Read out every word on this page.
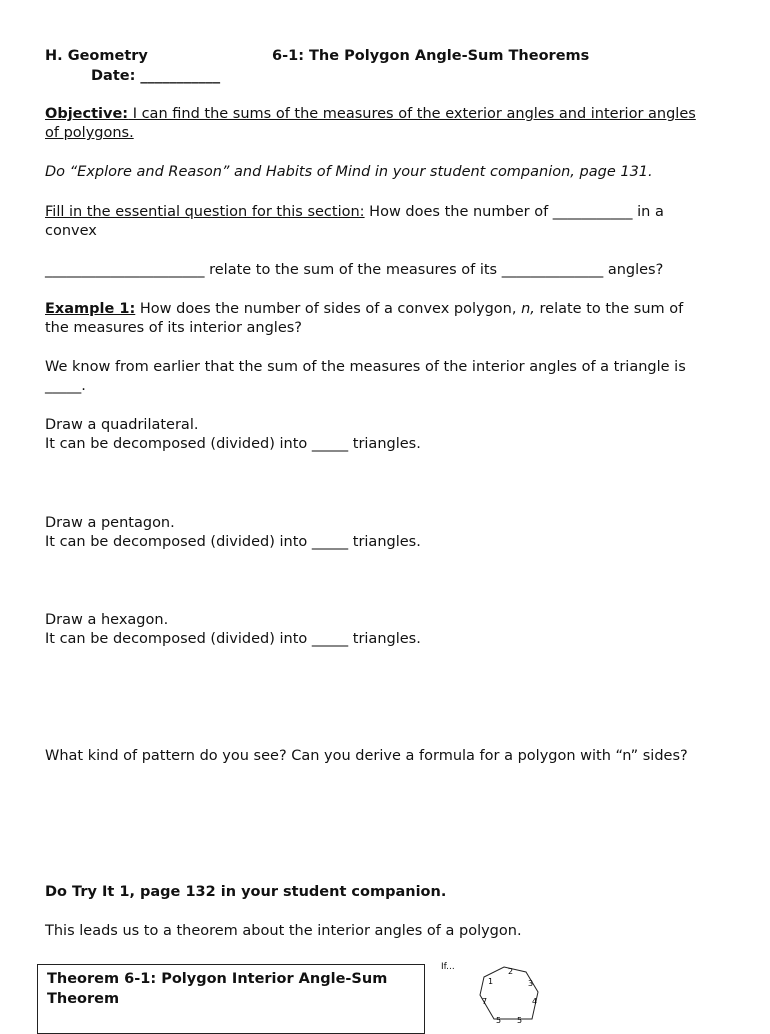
H. Geometry	6-1: The Polygon Angle-Sum Theorems
Date: ___________
Objective: I can find the sums of the measures of the exterior angles and interior angles
of polygons.
Do “Explore and Reason” and Habits of Mind in your student companion, page 131.
Fill in the essential question for this section: How does the number of ___________ in a
convex
______________________ relate to the sum of the measures of its ______________ angles?
Example 1: How does the number of sides of a convex polygon, n, relate to the sum of
the measures of its interior angles?
We know from earlier that the sum of the measures of the interior angles of a triangle is
_____.
Draw a quadrilateral.
It can be decomposed (divided) into _____ triangles.
Draw a pentagon.
It can be decomposed (divided) into _____ triangles.
Draw a hexagon.
It can be decomposed (divided) into _____ triangles.
What kind of pattern do you see? Can you derive a formula for a polygon with “n” sides?
Do Try It 1, page 132 in your student companion.
This leads us to a theorem about the interior angles of a polygon.
Theorem 6-1: Polygon Interior Angle-Sum Theorem
If...
1
2
3
4
5
5
7
